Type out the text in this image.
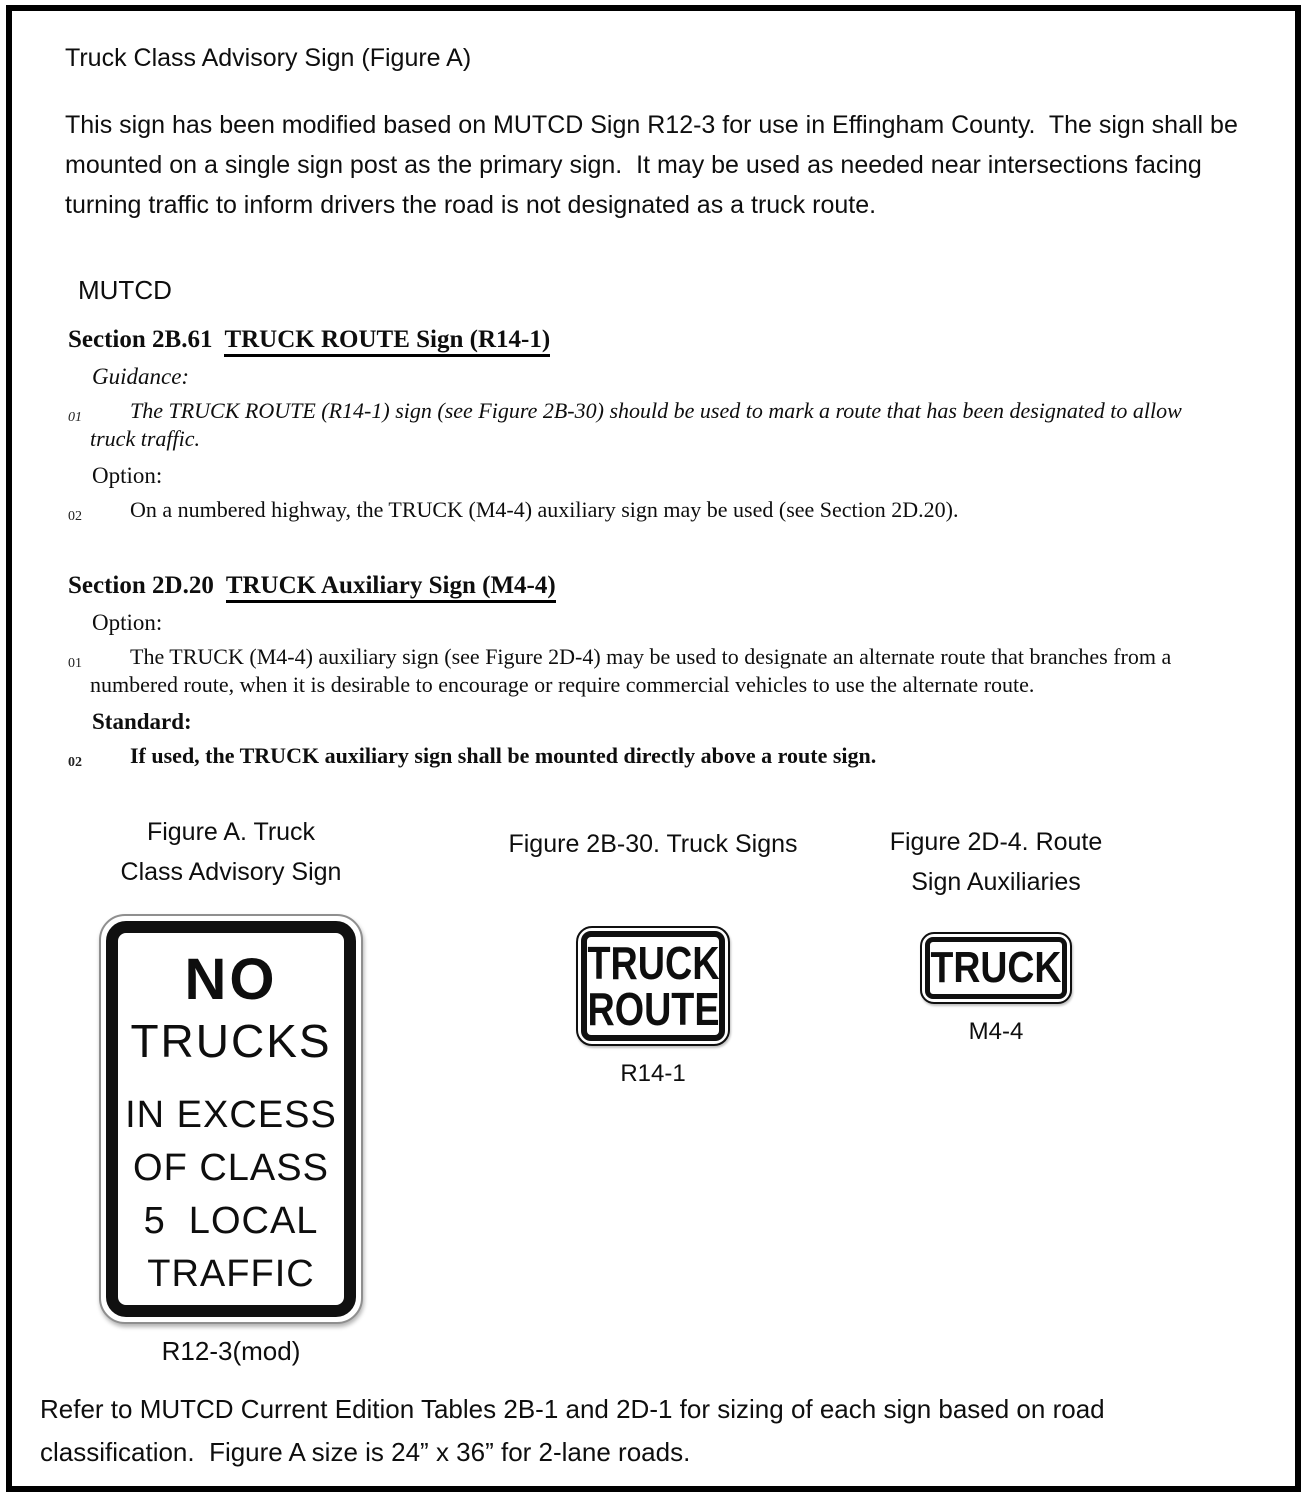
Truck Class Advisory Sign (Figure A)
This sign has been modified based on MUTCD Sign R12-3 for use in Effingham County.  The sign shall be mounted on a single sign post as the primary sign.  It may be used as needed near intersections facing turning traffic to inform drivers the road is not designated as a truck route.
MUTCD
Section 2B.61 TRUCK ROUTE Sign (R14-1)
Guidance:
01 The TRUCK ROUTE (R14-1) sign (see Figure 2B-30) should be used to mark a route that has been designated to allow truck traffic.
Option:
02 On a numbered highway, the TRUCK (M4-4) auxiliary sign may be used (see Section 2D.20).
Section 2D.20 TRUCK Auxiliary Sign (M4-4)
Option:
01 The TRUCK (M4-4) auxiliary sign (see Figure 2D-4) may be used to designate an alternate route that branches from a numbered route, when it is desirable to encourage or require commercial vehicles to use the alternate route.
Standard:
02 If used, the TRUCK auxiliary sign shall be mounted directly above a route sign.
Figure A. Truck
Class Advisory Sign
NO
TRUCKS
IN EXCESS
OF CLASS
5  LOCAL
TRAFFIC
R12-3(mod)
Figure 2B-30. Truck Signs
TRUCK
ROUTE
R14-1
Figure 2D-4. Route
Sign Auxiliaries
TRUCK
M4-4
Refer to MUTCD Current Edition Tables 2B-1 and 2D-1 for sizing of each sign based on road classification.  Figure A size is 24” x 36” for 2-lane roads.
